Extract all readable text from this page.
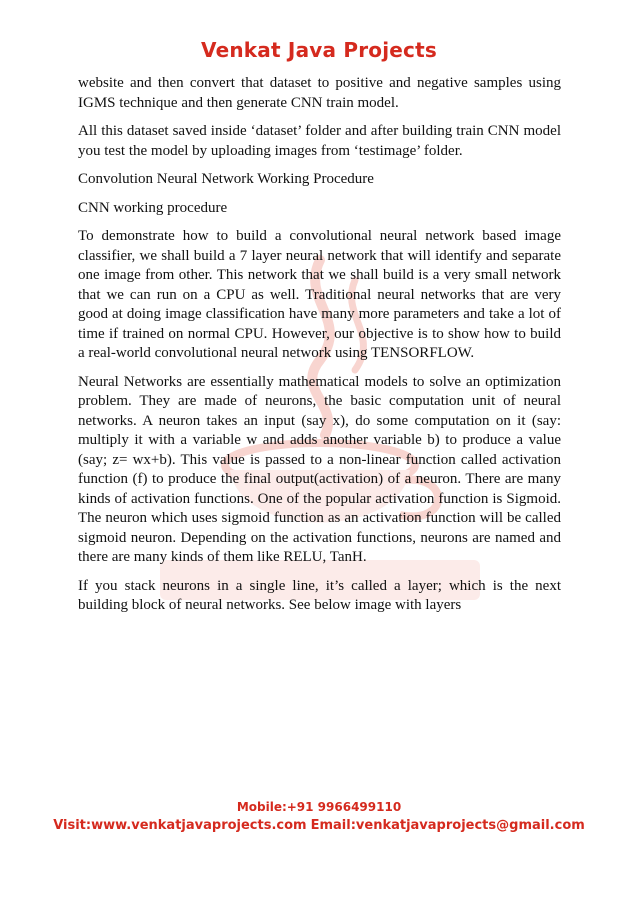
Venkat Java Projects

website and then convert that dataset to positive and negative samples using IGMS technique and then generate CNN train model.

All this dataset saved inside ‘dataset’ folder and after building train CNN model you test the model by uploading images from ‘testimage’ folder.

Convolution Neural Network Working Procedure

CNN working procedure

To demonstrate how to build a convolutional neural network based image classifier, we shall build a 7 layer neural network that will identify and separate one image from other. This network that we shall build is a very small network that we can run on a CPU as well. Traditional neural networks that are very good at doing image classification have many more parameters and take a lot of time if trained on normal CPU. However, our objective is to show how to build a real-world convolutional neural network using TENSORFLOW.

Neural Networks are essentially mathematical models to solve an optimization problem. They are made of neurons, the basic computation unit of neural networks. A neuron takes an input (say x), do some computation on it (say: multiply it with a variable w and adds another variable b) to produce a value (say; z= wx+b). This value is passed to a non-linear function called activation function (f) to produce the final output(activation) of a neuron. There are many kinds of activation functions. One of the popular activation function is Sigmoid. The neuron which uses sigmoid function as an activation function will be called sigmoid neuron. Depending on the activation functions, neurons are named and there are many kinds of them like RELU, TanH.

If you stack neurons in a single line, it’s called a layer; which is the next building block of neural networks. See below image with layers

Mobile:+91 9966499110
Visit:www.venkatjavaprojects.com Email:venkatjavaprojects@gmail.com
